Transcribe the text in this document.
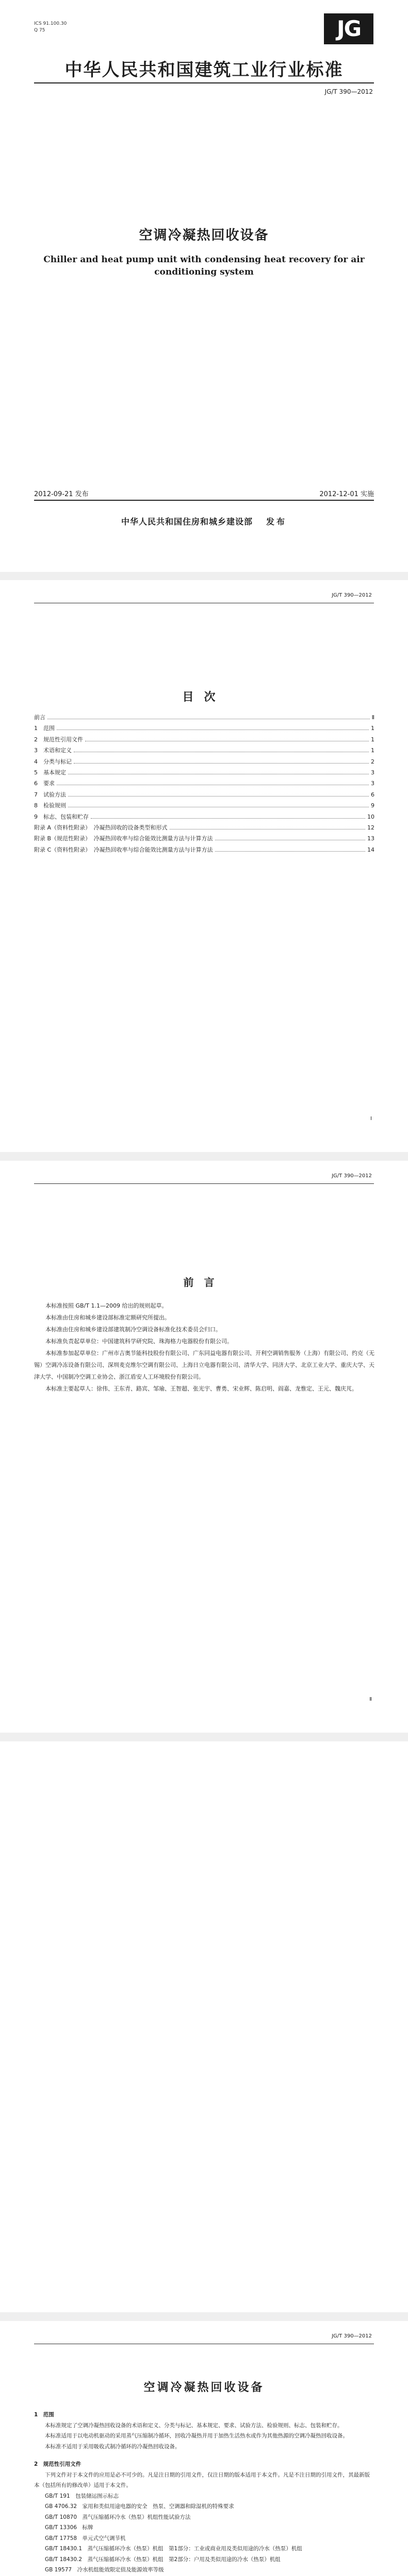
ICS 91.100.30
Q 75	JG
中华人民共和国建筑工业行业标准
JG/T 390—2012
空调冷凝热回收设备
Chiller and heat pump unit with condensing heat recovery for air conditioning system
2012-09-21 发布	2012-12-01 实施
中华人民共和国住房和城乡建设部 发布
JG/T 390—2012
目次
前言	Ⅱ
1　范围	1
2　规范性引用文件	1
3　术语和定义	1
4　分类与标记	2
5　基本规定	3
6　要求	3
7　试验方法	6
8　检验规则	9
9　标志、包装和贮存	10
附录 A（资料性附录）　冷凝热回收的设备类型和形式	12
附录 B（规范性附录）　冷凝热回收率与综合能效比测量方法与计算方法	13
附录 C（资料性附录）　冷凝热回收率与综合能效比测量方法与计算方法	14
I
JG/T 390—2012
前言

本标准按照 GB/T 1.1—2009 给出的规则起草。

本标准由住房和城乡建设部标准定额研究所提出。

本标准由住房和城乡建设部建筑制冷空调设备标准化技术委员会归口。

本标准负责起草单位：中国建筑科学研究院、珠海格力电器股份有限公司。

本标准参加起草单位：广州市吉奥节能科技股份有限公司、广东同益电器有限公司、开利空调销售服务（上海）有限公司、约克（无锡）空调冷冻设备有限公司、深圳麦克维尔空调有限公司、上海日立电器有限公司、清华大学、同济大学、北京工业大学、重庆大学、天津大学、中国制冷空调工业协会、浙江盾安人工环境股份有限公司。

本标准主要起草人：徐伟、王东青、路宾、邹瑜、王智超、张光宇、曹勇、宋业辉、陈启明、阎嘉、龙惟定、王元、魏庆芃。

Ⅱ
JG/T 390—2012
空调冷凝热回收设备
1　范围

本标准规定了空调冷凝热回收设备的术语和定义、分类与标记、基本规定、要求、试验方法、检验规则、标志、包装和贮存。

本标准适用于以电动机驱动的采用蒸气压缩制冷循环，回收冷凝热并用于加热生活热水或作为其他热源的空调冷凝热回收设备。

本标准不适用于采用吸收式制冷循环的冷凝热回收设备。

2　规范性引用文件

下列文件对于本文件的应用是必不可少的。凡是注日期的引用文件，仅注日期的版本适用于本文件。凡是不注日期的引用文件，其最新版本（包括所有的修改单）适用于本文件。

GB/T 191　包装储运图示标志
GB 4706.32　家用和类似用途电器的安全　热泵、空调器和除湿机的特殊要求
GB/T 10870　蒸气压缩循环冷水（热泵）机组性能试验方法
GB/T 13306　标牌
GB/T 17758　单元式空气调节机
GB/T 18430.1　蒸气压缩循环冷水（热泵）机组　第1部分：工业或商业用及类似用途的冷水（热泵）机组
GB/T 18430.2　蒸气压缩循环冷水（热泵）机组　第2部分：户用及类似用途的冷水（热泵）机组
GB 19577　冷水机组能效限定值及能源效率等级
